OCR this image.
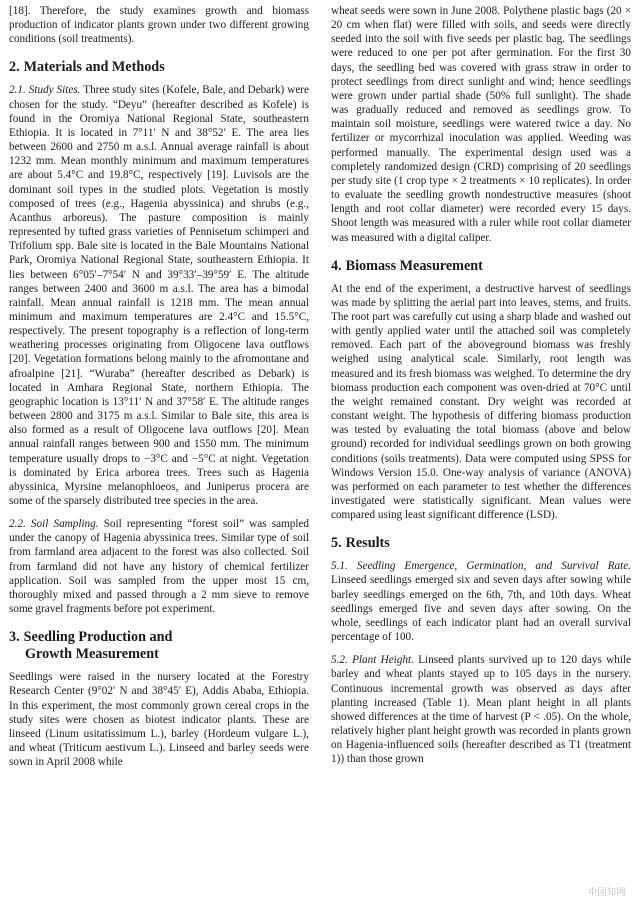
[18]. Therefore, the study examines growth and biomass production of indicator plants grown under two different growing conditions (soil treatments).

2. Materials and Methods

2.1. Study Sites. Three study sites (Kofele, Bale, and Debark) were chosen for the study. “Deyu” (hereafter described as Kofele) is found in the Oromiya National Regional State, southeastern Ethiopia. It is located in 7°11′ N and 38°52′ E. The area lies between 2600 and 2750 m a.s.l. Annual average rainfall is about 1232 mm. Mean monthly minimum and maximum temperatures are about 5.4°C and 19.8°C, respectively [19]. Luvisols are the dominant soil types in the studied plots. Vegetation is mostly composed of trees (e.g., Hagenia abyssinica) and shrubs (e.g., Acanthus arboreus). The pasture composition is mainly represented by tufted grass varieties of Pennisetum schimperi and Trifolium spp. Bale site is located in the Bale Mountains National Park, Oromiya National Regional State, southeastern Ethiopia. It lies between 6°05′–7°54′ N and 39°33′–39°59′ E. The altitude ranges between 2400 and 3600 m a.s.l. The area has a bimodal rainfall. Mean annual rainfall is 1218 mm. The mean annual minimum and maximum temperatures are 2.4°C and 15.5°C, respectively. The present topography is a reflection of long-term weathering processes originating from Oligocene lava outflows [20]. Vegetation formations belong mainly to the afromontane and afroalpine [21]. “Wuraba” (hereafter described as Debark) is located in Amhara Regional State, northern Ethiopia. The geographic location is 13°11′ N and 37°58′ E. The altitude ranges between 2800 and 3175 m a.s.l. Similar to Bale site, this area is also formed as a result of Oligocene lava outflows [20]. Mean annual rainfall ranges between 900 and 1550 mm. The minimum temperature usually drops to −3°C and −5°C at night. Vegetation is dominated by Erica arborea trees. Trees such as Hagenia abyssinica, Myrsine melanophloeos, and Juniperus procera are some of the sparsely distributed tree species in the area.

2.2. Soil Sampling. Soil representing “forest soil” was sampled under the canopy of Hagenia abyssinica trees. Similar type of soil from farmland area adjacent to the forest was also collected. Soil from farmland did not have any history of chemical fertilizer application. Soil was sampled from the upper most 15 cm, thoroughly mixed and passed through a 2 mm sieve to remove some gravel fragments before pot experiment.

3. Seedling Production and
Growth Measurement

Seedlings were raised in the nursery located at the Forestry Research Center (9°02′ N and 38°45′ E), Addis Ababa, Ethiopia. In this experiment, the most commonly grown cereal crops in the study sites were chosen as biotest indicator plants. These are linseed (Linum usitatissimum L.), barley (Hordeum vulgare L.), and wheat (Triticum aestivum L.). Linseed and barley seeds were sown in April 2008 while

wheat seeds were sown in June 2008. Polythene plastic bags (20 × 20 cm when flat) were filled with soils, and seeds were directly seeded into the soil with five seeds per plastic bag. The seedlings were reduced to one per pot after germination. For the first 30 days, the seedling bed was covered with grass straw in order to protect seedlings from direct sunlight and wind; hence seedlings were grown under partial shade (50% full sunlight). The shade was gradually reduced and removed as seedlings grow. To maintain soil moisture, seedlings were watered twice a day. No fertilizer or mycorrhizal inoculation was applied. Weeding was performed manually. The experimental design used was a completely randomized design (CRD) comprising of 20 seedlings per study site (1 crop type × 2 treatments × 10 replicates). In order to evaluate the seedling growth nondestructive measures (shoot length and root collar diameter) were recorded every 15 days. Shoot length was measured with a ruler while root collar diameter was measured with a digital caliper.

4. Biomass Measurement

At the end of the experiment, a destructive harvest of seedlings was made by splitting the aerial part into leaves, stems, and fruits. The root part was carefully cut using a sharp blade and washed out with gently applied water until the attached soil was completely removed. Each part of the aboveground biomass was freshly weighed using analytical scale. Similarly, root length was measured and its fresh biomass was weighed. To determine the dry biomass production each component was oven-dried at 70°C until the weight remained constant. Dry weight was recorded at constant weight. The hypothesis of differing biomass production was tested by evaluating the total biomass (above and below ground) recorded for individual seedlings grown on both growing conditions (soils treatments). Data were computed using SPSS for Windows Version 15.0. One-way analysis of variance (ANOVA) was performed on each parameter to test whether the differences investigated were statistically significant. Mean values were compared using least significant difference (LSD).

5. Results

5.1. Seedling Emergence, Germination, and Survival Rate. Linseed seedlings emerged six and seven days after sowing while barley seedlings emerged on the 6th, 7th, and 10th days. Wheat seedlings emerged five and seven days after sowing. On the whole, seedlings of each indicator plant had an overall survival percentage of 100.

5.2. Plant Height. Linseed plants survived up to 120 days while barley and wheat plants stayed up to 105 days in the nursery. Continuous incremental growth was observed as days after planting increased (Table 1). Mean plant height in all plants showed differences at the time of harvest (P < .05). On the whole, relatively higher plant height growth was recorded in plants grown on Hagenia-influenced soils (hereafter described as T1 (treatment 1)) than those grown

中国知网
